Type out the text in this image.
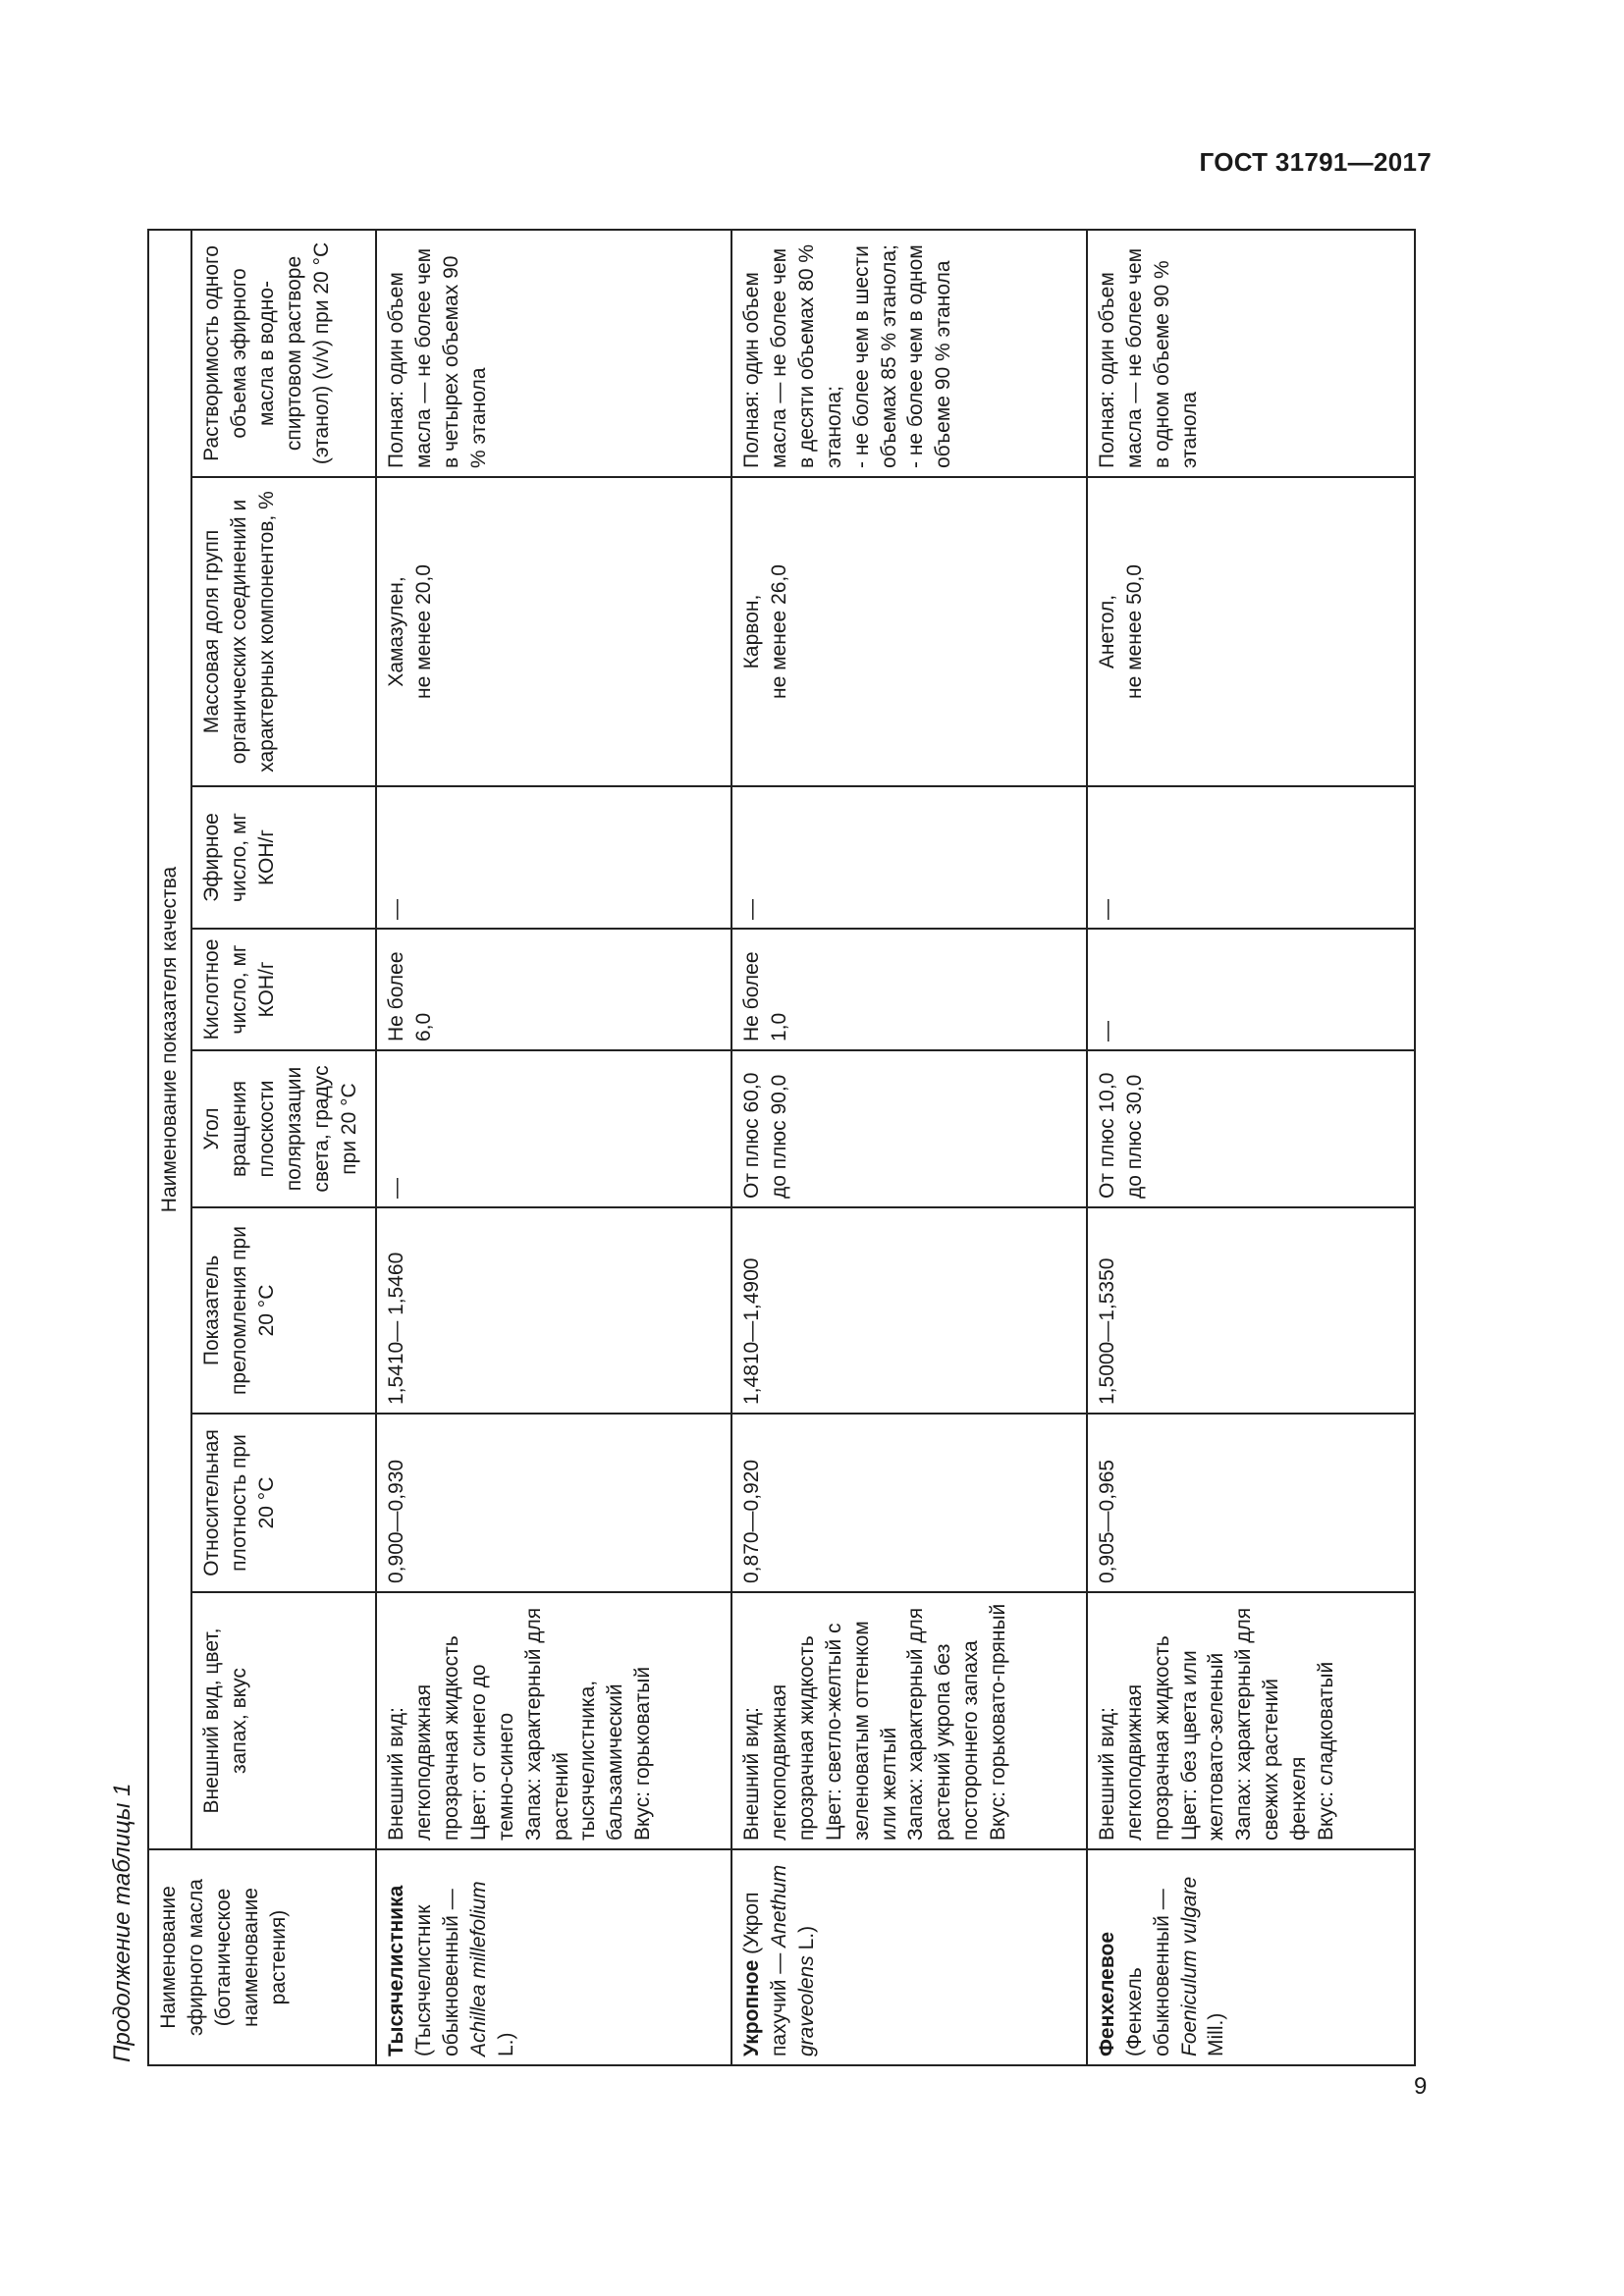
ГОСТ 31791—2017
Продолжение таблицы 1	Наименование эфирного масла (ботаническое наименование растения)	Наименование показателя качества							
	Внешний вид, цвет, запах, вкус	Относительная плотность при 20 °С	Показатель преломления при 20 °С	Угол вращения плоскости поляризации света, градус при 20 °С	Кислотное число, мг КОН/г	Эфирное число, мг КОН/г	Массовая доля групп органических соединений и характерных компонентов, %	Растворимость одного объема эфирного масла в водно-спиртовом растворе (этанол) (v/v) при 20 °С
Тысячелистника (Тысячелистник обыкновенный — Achillea millefolium L.)	Внешний вид: легкоподвижная прозрачная жидкость Цвет: от синего до темно-синего Запах: характерный для растений тысячелистника, бальзамический Вкус: горьковатый	0,900—0,930	1,5410— 1,5460	—	Не более 6,0	—	Хамазулен, не менее 20,0	Полная: один объем масла — не более чем в четырех объемах 90 % этанола

Укропное (Укроп пахучий — Anethum graveolens L.)	Внешний вид: легкоподвижная прозрачная жидкость Цвет: светло-желтый с зеленоватым оттенком или желтый Запах: характерный для растений укропа без постороннего запаха Вкус: горьковато-пряный	0,870—0,920	1,4810—1,4900	От плюс 60,0 до плюс 90,0	Не более 1,0	—	Карвон, не менее 26,0	Полная: один объем масла — не более чем в десяти объемах 80 % этанола; - не более чем в шести объемах 85 % этанола; - не более чем в одном объеме 90 % этанола

Фенхелевое (Фенхель обыкновенный — Foeniculum vulgare Mill.)	Внешний вид: легкоподвижная прозрачная жидкость Цвет: без цвета или желтовато-зеленый Запах: характерный для свежих растений фенхеля Вкус: сладковатый	0,905—0,965	1,5000—1,5350	От плюс 10,0 до плюс 30,0	—	—	Анетол, не менее 50,0	Полная: один объем масла — не более чем в одном объеме 90 % этанола
9
